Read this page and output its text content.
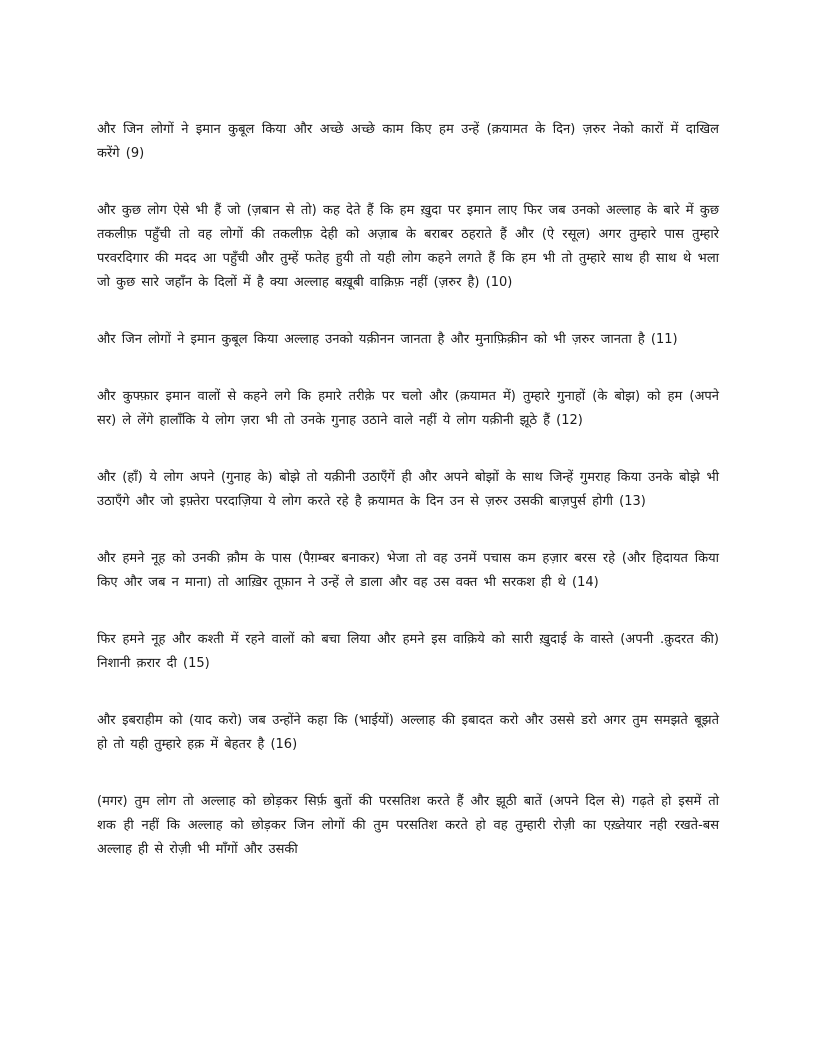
और जिन लोगों ने इमान कुबूल किया और अच्छे अच्छे काम किए हम उन्हें (क़यामत के दिन) ज़रुर नेको कारों में दाखिल करेंगे (9)

और कुछ लोग ऐसे भी हैं जो (ज़बान से तो) कह देते हैं कि हम ख़ुदा पर इमान लाए फिर जब उनको अल्लाह के बारे में कुछ तकलीफ़ पहुँची तो वह लोगों की तकलीफ़ देही को अज़ाब के बराबर ठहराते हैं और (ऐ रसूल) अगर तुम्हारे पास तुम्हारे परवरदिगार की मदद आ पहुँची और तुम्हें फतेह हुयी तो यही लोग कहने लगते हैं कि हम भी तो तुम्हारे साथ ही साथ थे भला जो कुछ सारे जहाँन के दिलों में है क्या अल्लाह बख़ूबी वाक़िफ़ नहीं (ज़रुर है) (10)

और जिन लोगों ने इमान कुबूल किया अल्लाह उनको यक़ीनन जानता है और मुनाफ़िक़ीन को भी ज़रुर जानता है (11)

और कुफ्फ़ार इमान वालों से कहने लगे कि हमारे तरीक़े पर चलो और (क़यामत में) तुम्हारे गुनाहों (के बोझ) को हम (अपने सर) ले लेंगे हालाँकि ये लोग ज़रा भी तो उनके गुनाह उठाने वाले नहीं ये लोग यक़ीनी झूठे हैं (12)

और (हाँ) ये लोग अपने (गुनाह के) बोझे तो यक़ीनी उठाएँगें ही और अपने बोझों के साथ जिन्हें गुमराह किया उनके बोझे भी उठाएँगे और जो इफ़्तेरा परदाज़िया ये लोग करते रहे है क़यामत के दिन उन से ज़रुर उसकी बाज़पुर्स होगी (13)

और हमने नूह को उनकी क़ौम के पास (पैग़म्बर बनाकर) भेजा तो वह उनमें पचास कम हज़ार बरस रहे (और हिदायत किया किए और जब न माना) तो आख़िर तूफ़ान ने उन्हें ले डाला और वह उस वक्त भी सरकश ही थे (14)

फिर हमने नूह और कश्ती में रहने वालों को बचा लिया और हमने इस वाक़िये को सारी ख़ुदाई के वास्ते (अपनी .क़ुदरत की) निशानी क़रार दी (15)

और इबराहीम को (याद करो) जब उन्होंने कहा कि (भाईयों) अल्लाह की इबादत करो और उससे डरो अगर तुम समझते बूझते हो तो यही तुम्हारे हक़ में बेहतर है (16)

(मगर) तुम लोग तो अल्लाह को छोड़कर सिर्फ़ बुतों की परसतिश करते हैं और झूठी बातें (अपने दिल से) गढ़ते हो इसमें तो शक ही नहीं कि अल्लाह को छोड़कर जिन लोगों की तुम परसतिश करते हो वह तुम्हारी रोज़ी का एख़्तेयार नही रखते-बस अल्लाह ही से रोज़ी भी माँगों और उसकी
